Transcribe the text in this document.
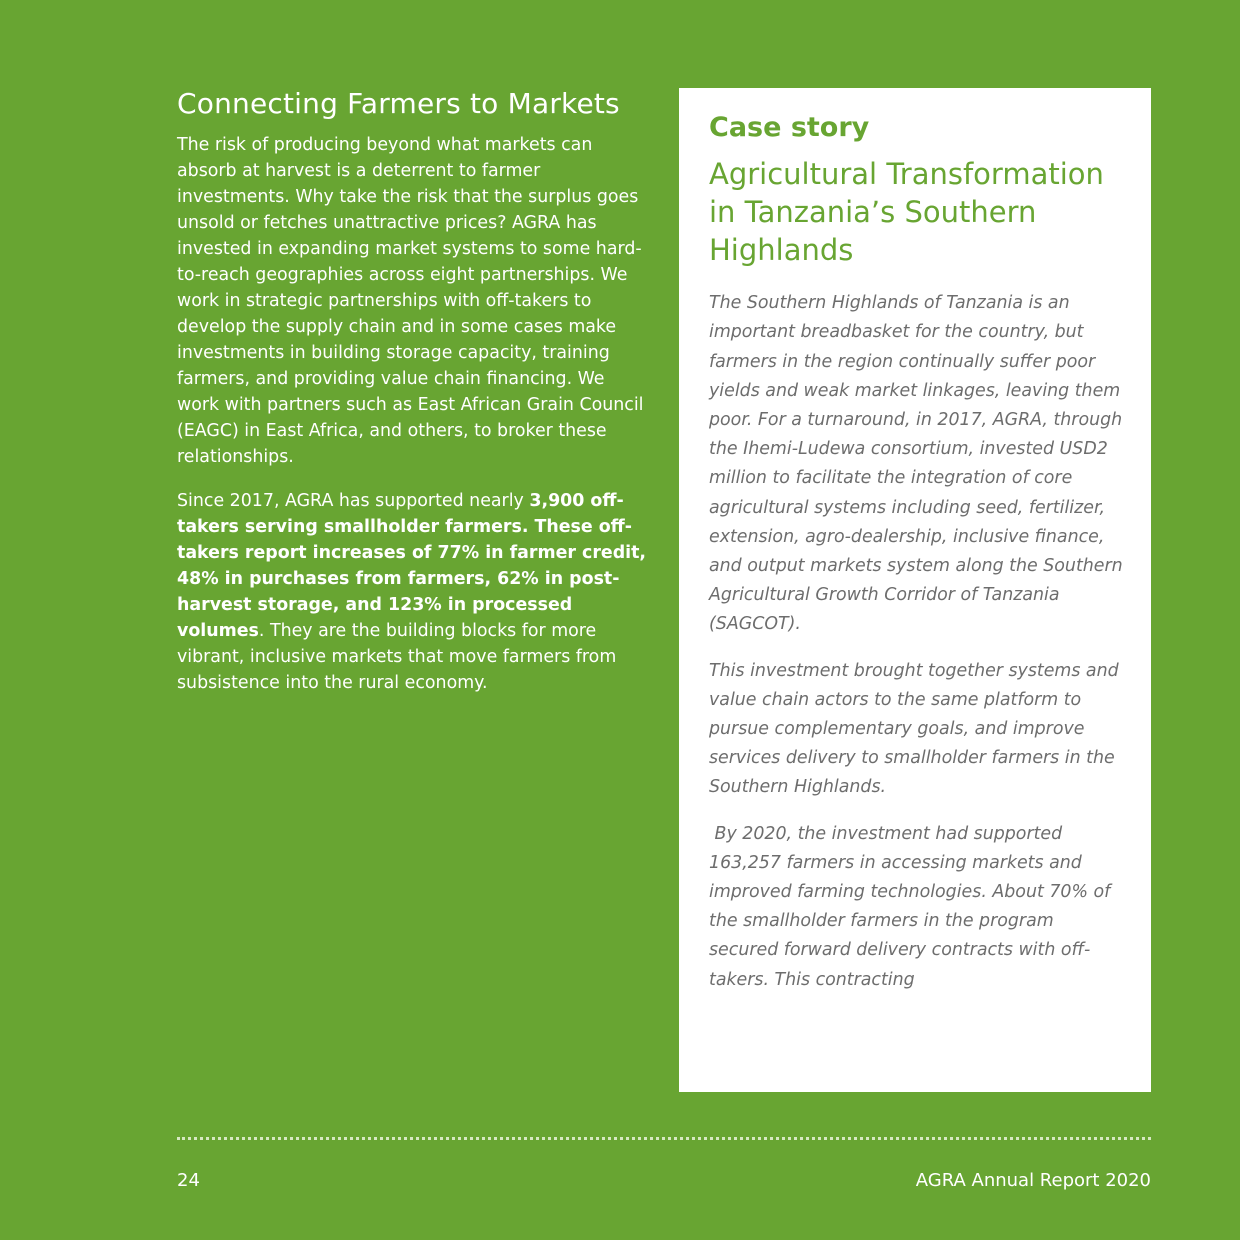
Connecting Farmers to Markets

The risk of producing beyond what markets can absorb at harvest is a deterrent to farmer investments. Why take the risk that the surplus goes unsold or fetches unattractive prices? AGRA has invested in expanding market systems to some hard-to-reach geographies across eight partnerships. We work in strategic partnerships with off-takers to develop the supply chain and in some cases make investments in building storage capacity, training farmers, and providing value chain financing. We work with partners such as East African Grain Council (EAGC) in East Africa, and others, to broker these relationships.

Since 2017, AGRA has supported nearly 3,900 off-takers serving smallholder farmers. These off-takers report increases of 77% in farmer credit, 48% in purchases from farmers, 62% in post-harvest storage, and 123% in processed volumes. They are the building blocks for more vibrant, inclusive markets that move farmers from subsistence into the rural economy.

Case story
Agricultural Transformation in Tanzania’s Southern Highlands

The Southern Highlands of Tanzania is an important breadbasket for the country, but farmers in the region continually suffer poor yields and weak market linkages, leaving them poor. For a turnaround, in 2017, AGRA, through the Ihemi-Ludewa consortium, invested USD2 million to facilitate the integration of core agricultural systems including seed, fertilizer, extension, agro-dealership, inclusive finance, and output markets system along the Southern Agricultural Growth Corridor of Tanzania (SAGCOT).

This investment brought together systems and value chain actors to the same platform to pursue complementary goals, and improve services delivery to smallholder farmers in the Southern Highlands.

By 2020, the investment had supported 163,257 farmers in accessing markets and improved farming technologies. About 70% of the smallholder farmers in the program secured forward delivery contracts with off-takers. This contracting

24	AGRA Annual Report 2020
